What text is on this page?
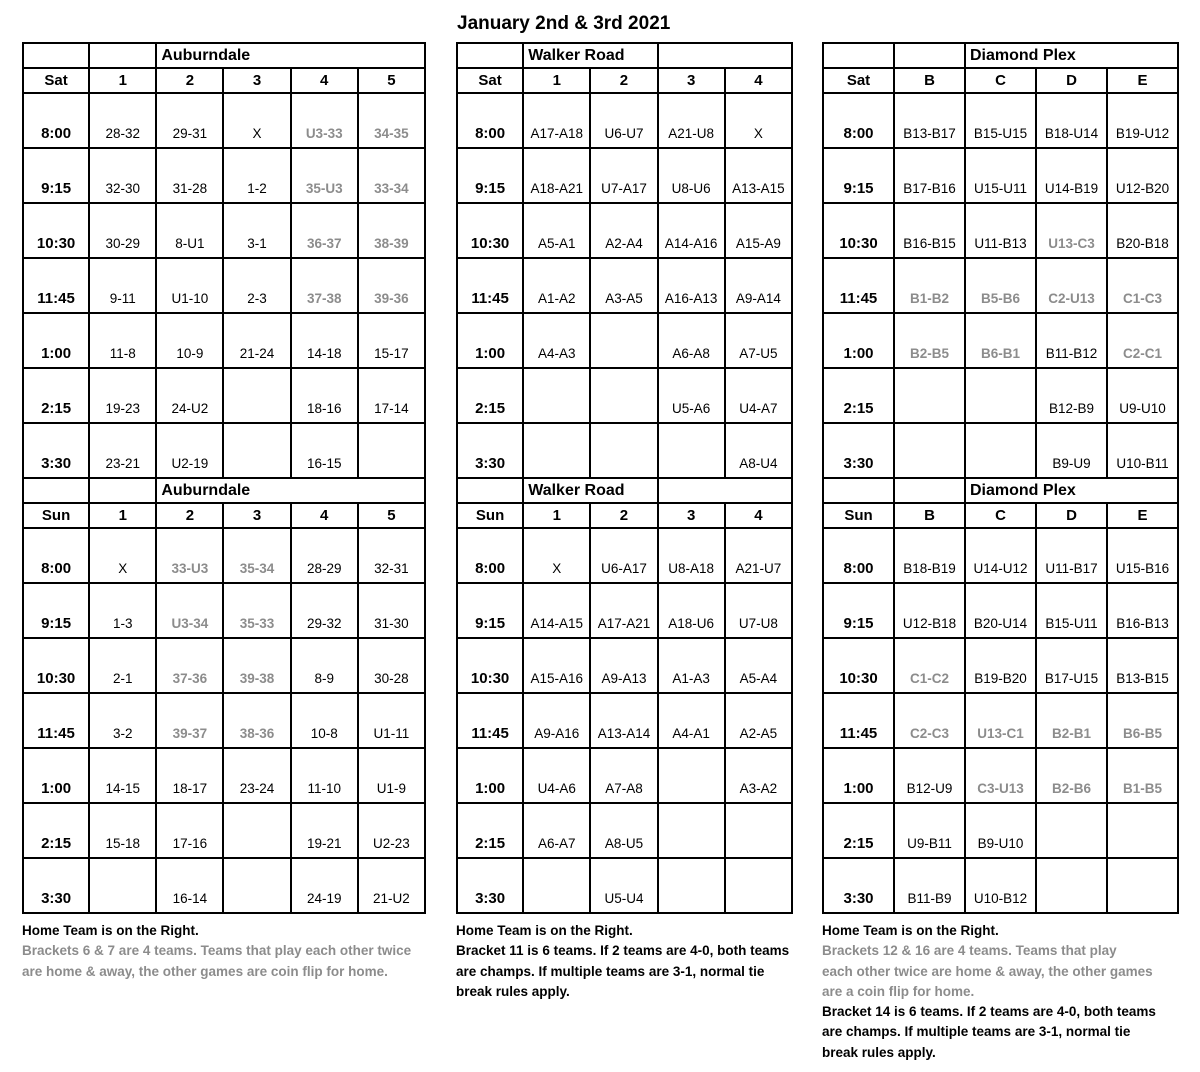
January 2nd & 3rd 2021
		Auburndale			
Sat	1	2	3	4	5
8:00	28-32	29-31	X	U3-33	34-35
9:15	32-30	31-28	1-2	35-U3	33-34
10:30	30-29	8-U1	3-1	36-37	38-39
11:45	9-11	U1-10	2-3	37-38	39-36
1:00	11-8	10-9	21-24	14-18	15-17
2:15	19-23	24-U2		18-16	17-14
3:30	23-21	U2-19		16-15	
		Auburndale			
Sun	1	2	3	4	5
8:00	X	33-U3	35-34	28-29	32-31
9:15	1-3	U3-34	35-33	29-32	31-30
10:30	2-1	37-36	39-38	8-9	30-28
11:45	3-2	39-37	38-36	10-8	U1-11
1:00	14-15	18-17	23-24	11-10	U1-9
2:15	15-18	17-16		19-21	U2-23
3:30		16-14		24-19	21-U2
Home Team is on the Right.
Brackets 6 & 7 are 4 teams. Teams that play each other twice
are home & away, the other games are coin flip for home.
	Walker Road			
Sat	1	2	3	4
8:00	A17-A18	U6-U7	A21-U8	X
9:15	A18-A21	U7-A17	U8-U6	A13-A15
10:30	A5-A1	A2-A4	A14-A16	A15-A9
11:45	A1-A2	A3-A5	A16-A13	A9-A14
1:00	A4-A3		A6-A8	A7-U5
2:15			U5-A6	U4-A7
3:30				A8-U4
	Walker Road			
Sun	1	2	3	4
8:00	X	U6-A17	U8-A18	A21-U7
9:15	A14-A15	A17-A21	A18-U6	U7-U8
10:30	A15-A16	A9-A13	A1-A3	A5-A4
11:45	A9-A16	A13-A14	A4-A1	A2-A5
1:00	U4-A6	A7-A8		A3-A2
2:15	A6-A7	A8-U5		
3:30		U5-U4		
Home Team is on the Right.
Bracket 11 is 6 teams. If 2 teams are 4-0, both teams
are champs. If multiple teams are 3-1, normal tie
break rules apply.
		Diamond Plex		
Sat	B	C	D	E
8:00	B13-B17	B15-U15	B18-U14	B19-U12
9:15	B17-B16	U15-U11	U14-B19	U12-B20
10:30	B16-B15	U11-B13	U13-C3	B20-B18
11:45	B1-B2	B5-B6	C2-U13	C1-C3
1:00	B2-B5	B6-B1	B11-B12	C2-C1
2:15			B12-B9	U9-U10
3:30			B9-U9	U10-B11
		Diamond Plex		
Sun	B	C	D	E
8:00	B18-B19	U14-U12	U11-B17	U15-B16
9:15	U12-B18	B20-U14	B15-U11	B16-B13
10:30	C1-C2	B19-B20	B17-U15	B13-B15
11:45	C2-C3	U13-C1	B2-B1	B6-B5
1:00	B12-U9	C3-U13	B2-B6	B1-B5
2:15	U9-B11	B9-U10		
3:30	B11-B9	U10-B12		
Home Team is on the Right.
Brackets 12 & 16 are 4 teams. Teams that play
each other twice are home & away, the other games
are a coin flip for home.
Bracket 14 is 6 teams. If 2 teams are 4-0, both teams
are champs. If multiple teams are 3-1, normal tie
break rules apply.
